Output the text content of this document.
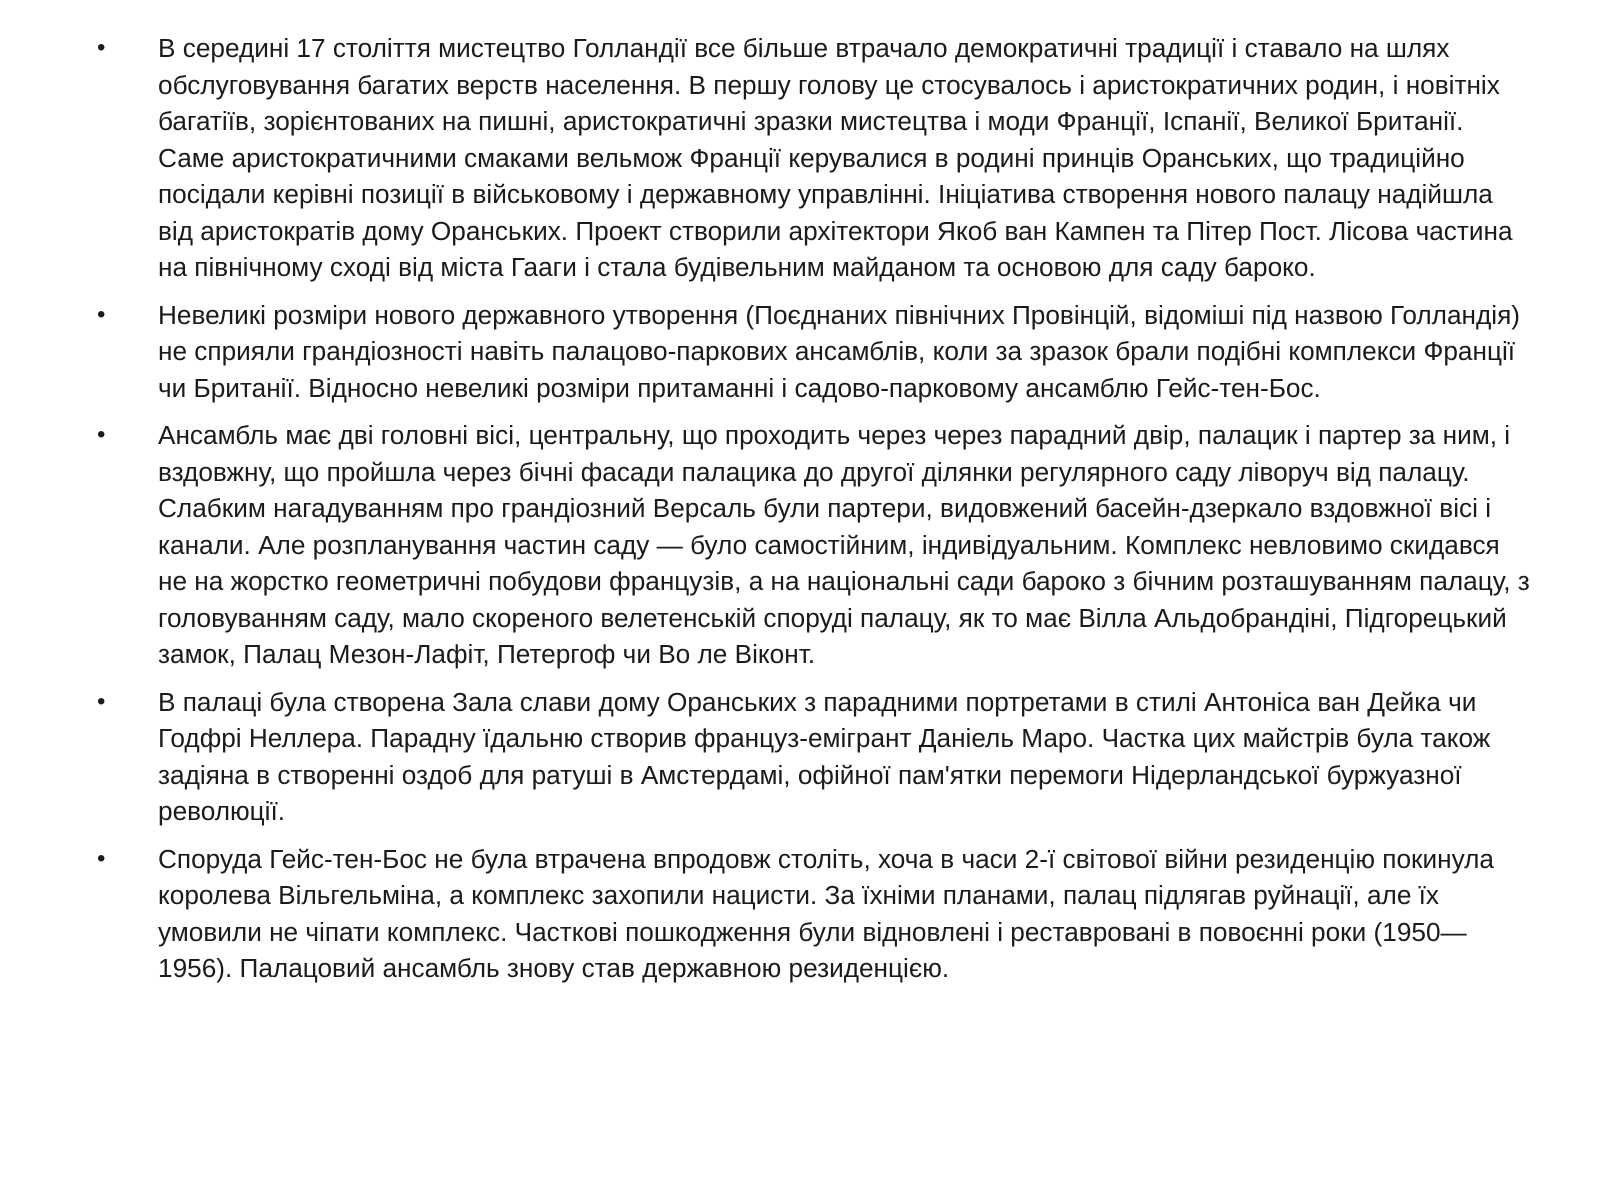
• В середині 17 століття мистецтво Голландії все більше втрачало демократичні традиції і ставало на шлях обслуговування багатих верств населення. В першу голову це стосувалось і аристократичних родин, і новітніх багатіїв, зорієнтованих на пишні, аристократичні зразки мистецтва і моди Франції, Іспанії, Великої Британії. Саме аристократичними смаками вельмож Франції керувалися в родині принців Оранських, що традиційно посідали керівні позиції в військовому і державному управлінні. Ініціатива створення нового палацу надійшла від аристократів дому Оранських. Проект створили архітектори Якоб ван Кампен та Пітер Пост. Лісова частина на північному сході від міста Гааги і стала будівельним майданом та основою для саду бароко.
• Невеликі розміри нового державного утворення (Поєднаних північних Провінцій, відоміші під назвою Голландія) не сприяли грандіозності навіть палацово-паркових ансамблів, коли за зразок брали подібні комплекси Франції чи Британії. Відносно невеликі розміри притаманні і садово-парковому ансамблю Гейс-тен-Бос.
• Ансамбль має дві головні вісі, центральну, що проходить через через парадний двір, палацик і партер за ним, і вздовжну, що пройшла через бічні фасади палацика до другої ділянки регулярного саду ліворуч від палацу. Слабким нагадуванням про грандіозний Версаль були партери, видовжений басейн-дзеркало вздовжної вісі і канали. Але розпланування частин саду — було самостійним, індивідуальним. Комплекс невловимо скидався не на жорстко геометричні побудови французів, а на національні сади бароко з бічним розташуванням палацу, з головуванням саду, мало скореного велетенській споруді палацу, як то має Вілла Альдобрандіні, Підгорецький замок, Палац Мезон-Лафіт, Петергоф чи Во ле Віконт.
• В палаці була створена Зала слави дому Оранських з парадними портретами в стилі Антоніса ван Дейка чи Годфрі Неллера. Парадну їдальню створив француз-емігрант Даніель Маро. Частка цих майстрів була також задіяна в створенні оздоб для ратуші в Амстердамі, офійної пам'ятки перемоги Нідерландської буржуазної революції.
• Споруда Гейс-тен-Бос не була втрачена впродовж століть, хоча в часи 2-ї світової війни резиденцію покинула королева Вільгельміна, а комплекс захопили нацисти. За їхніми планами, палац підлягав руйнації, але їх умовили не чіпати комплекс. Часткові пошкодження були відновлені і реставровані в повоєнні роки (1950—1956). Палацовий ансамбль знову став державною резиденцією.
